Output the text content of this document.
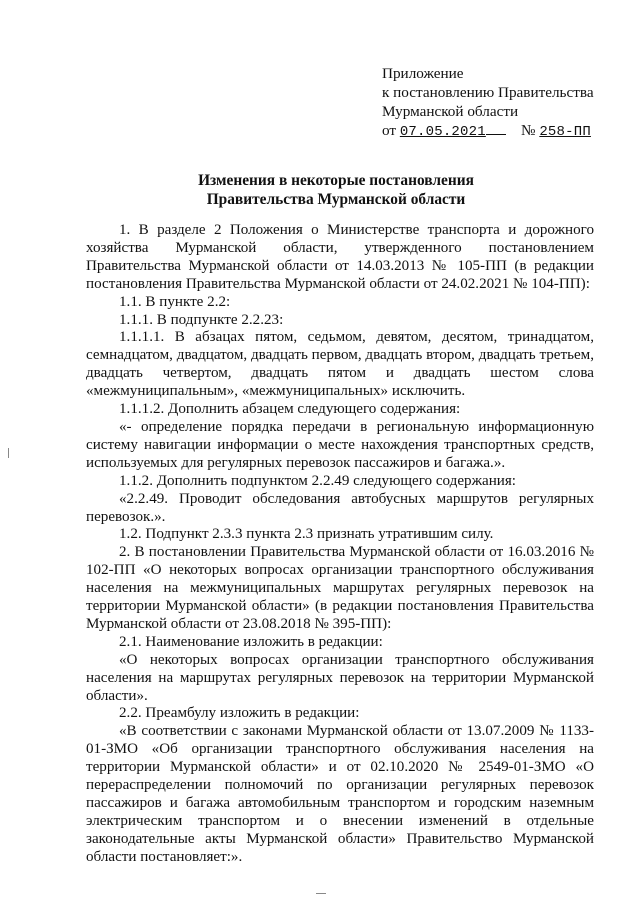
Приложение
к постановлению Правительства
Мурманской области
от 07.05.2021 № 258-ПП
Изменения в некоторые постановления
Правительства Мурманской области

1. В разделе 2 Положения о Министерстве транспорта и дорожного хозяйства Мурманской области, утвержденного постановлением Правительства Мурманской области от 14.03.2013 № 105-ПП (в редакции постановления Правительства Мурманской области от 24.02.2021 № 104-ПП):

1.1. В пункте 2.2:

1.1.1. В подпункте 2.2.23:

1.1.1.1. В абзацах пятом, седьмом, девятом, десятом, тринадцатом, семнадцатом, двадцатом, двадцать первом, двадцать втором, двадцать третьем, двадцать четвертом, двадцать пятом и двадцать шестом слова «межмуниципальным», «межмуниципальных» исключить.

1.1.1.2. Дополнить абзацем следующего содержания:

«- определение порядка передачи в региональную информационную систему навигации информации о месте нахождения транспортных средств, используемых для регулярных перевозок пассажиров и багажа.».

1.1.2. Дополнить подпунктом 2.2.49 следующего содержания:

«2.2.49. Проводит обследования автобусных маршрутов регулярных перевозок.».

1.2. Подпункт 2.3.3 пункта 2.3 признать утратившим силу.

2. В постановлении Правительства Мурманской области от 16.03.2016 № 102-ПП «О некоторых вопросах организации транспортного обслуживания населения на межмуниципальных маршрутах регулярных перевозок на территории Мурманской области» (в редакции постановления Правительства Мурманской области от 23.08.2018 № 395-ПП):

2.1. Наименование изложить в редакции:

«О некоторых вопросах организации транспортного обслуживания населения на маршрутах регулярных перевозок на территории Мурманской области».

2.2. Преамбулу изложить в редакции:

«В соответствии с законами Мурманской области от 13.07.2009 № 1133-01-ЗМО «Об организации транспортного обслуживания населения на территории Мурманской области» и от 02.10.2020 № 2549-01-ЗМО «О перераспределении полномочий по организации регулярных перевозок пассажиров и багажа автомобильным транспортом и городским наземным электрическим транспортом и о внесении изменений в отдельные законодательные акты Мурманской области» Правительство Мурманской области постановляет:».
